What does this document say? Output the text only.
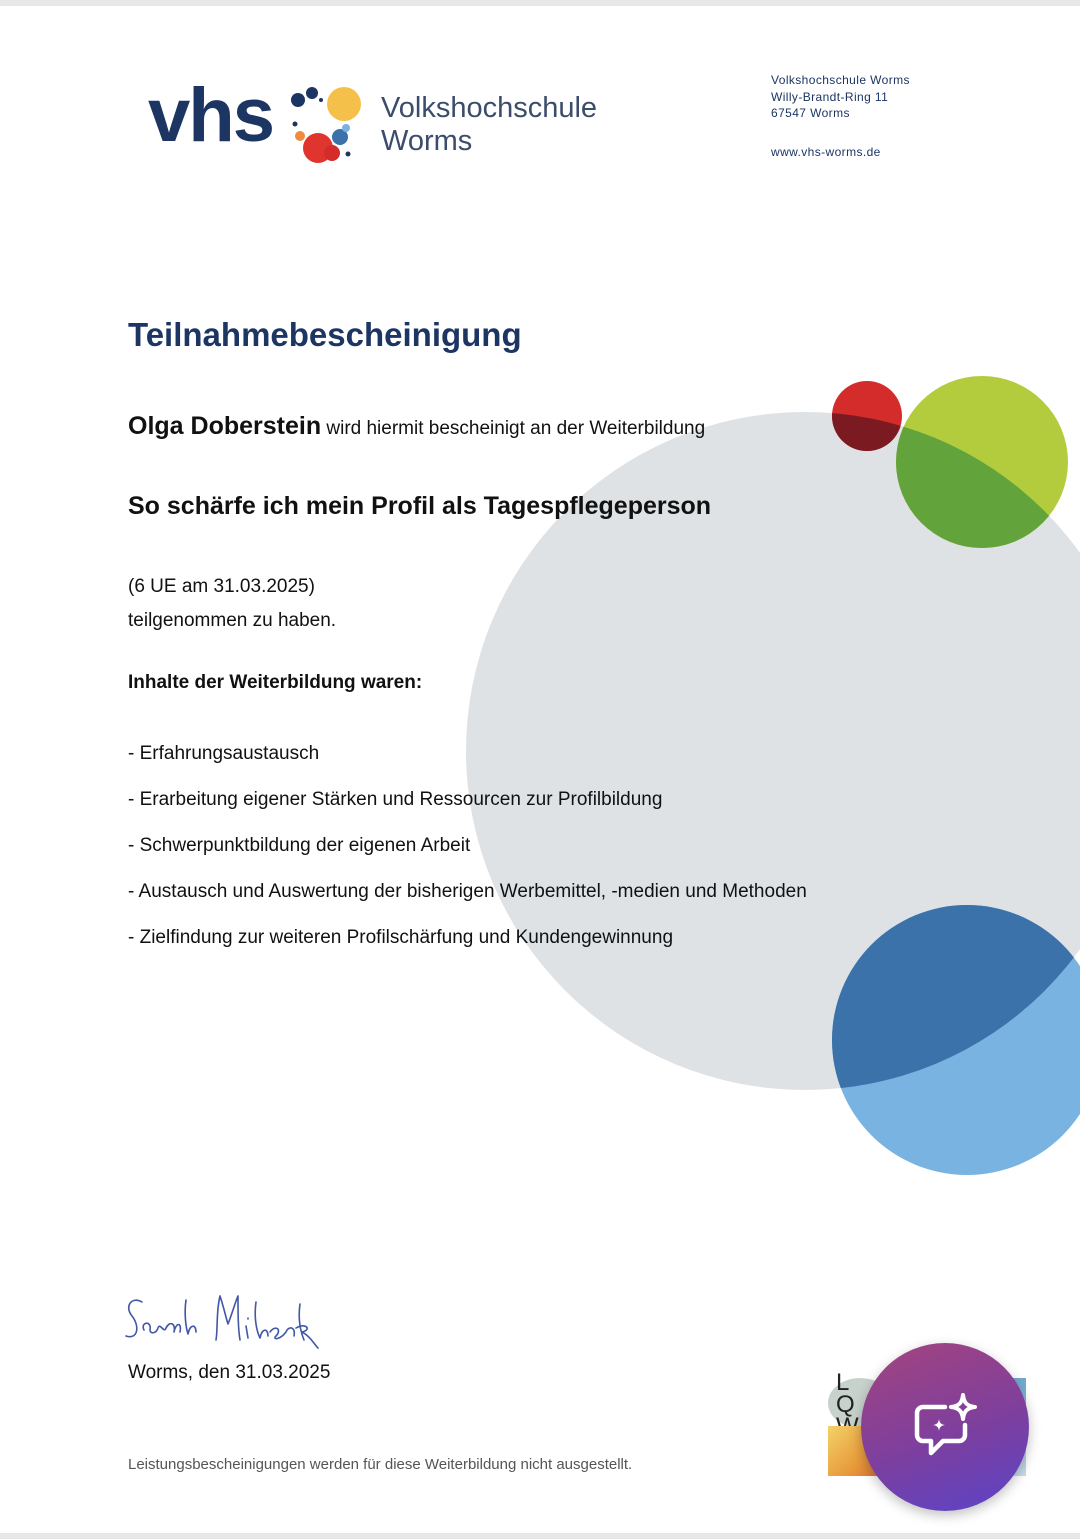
vhs	Volkshochschule
Worms
Volkshochschule Worms
Willy-Brandt-Ring 11
67547 Worms
www.vhs-worms.de
Teilnahmebescheinigung
Olga Doberstein wird hiermit bescheinigt an der Weiterbildung
So schärfe ich mein Profil als Tagespflegeperson
(6 UE am 31.03.2025)
teilgenommen zu haben.
Inhalte der Weiterbildung waren:
- Erfahrungsaustausch
- Erarbeitung eigener Stärken und Ressourcen zur Profilbildung
- Schwerpunktbildung der eigenen Arbeit
- Austausch und Auswertung der bisherigen Werbemittel, -medien und Methoden
- Zielfindung zur weiteren Profilschärfung und Kundengewinnung
Worms, den 31.03.2025
Leistungsbescheinigungen werden für diese Weiterbildung nicht ausgestellt.
LQ
